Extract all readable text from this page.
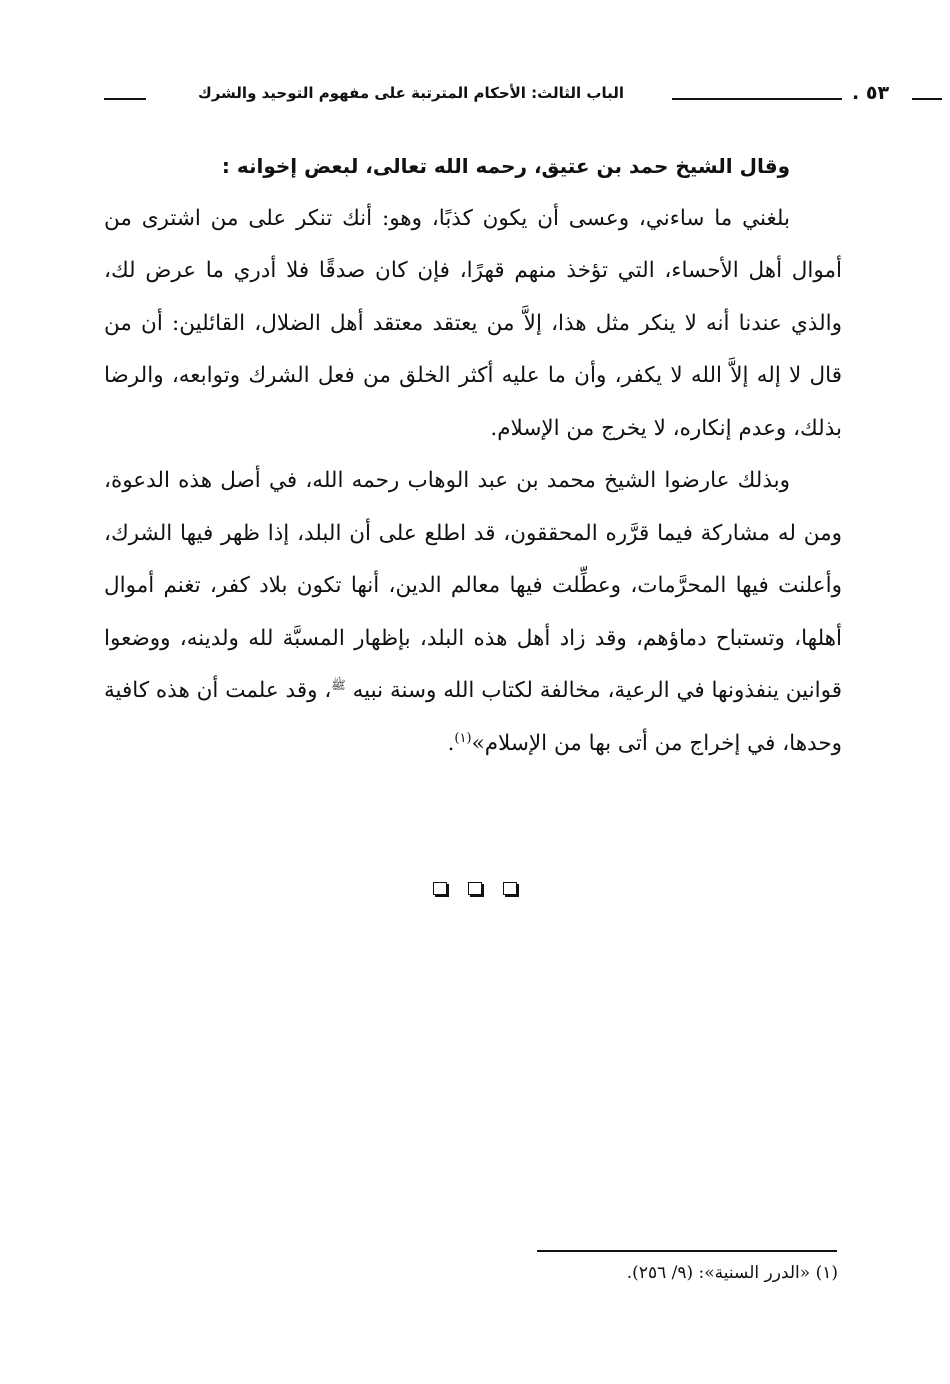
الباب الثالث: الأحكام المترتبة على مفهوم التوحيد والشرك	٥٣ .

وقال الشيخ حمد بن عتيق، رحمه الله تعالى، لبعض إخوانه :

بلغني ما ساءني، وعسى أن يكون كذبًا، وهو: أنك تنكر على من اشترى من أموال أهل الأحساء، التي تؤخذ منهم قهرًا، فإن كان صدقًا فلا أدري ما عرض لك، والذي عندنا أنه لا ينكر مثل هذا، إلاَّ من يعتقد معتقد أهل الضلال، القائلين: أن من قال لا إله إلاَّ الله لا يكفر، وأن ما عليه أكثر الخلق من فعل الشرك وتوابعه، والرضا بذلك، وعدم إنكاره، لا يخرج من الإسلام.

وبذلك عارضوا الشيخ محمد بن عبد الوهاب رحمه الله، في أصل هذه الدعوة، ومن له مشاركة فيما قرَّره المحققون، قد اطلع على أن البلد، إذا ظهر فيها الشرك، وأعلنت فيها المحرَّمات، وعطِّلت فيها معالم الدين، أنها تكون بلاد كفر، تغنم أموال أهلها، وتستباح دماؤهم، وقد زاد أهل هذه البلد، بإظهار المسبَّة لله ولدينه، ووضعوا قوانين ينفذونها في الرعية، مخالفة لكتاب الله وسنة نبيه $^ﷺ$، وقد علمت أن هذه كافية وحدها، في إخراج من أتى بها من الإسلام»$^{(١)}$.

(١) «الدرر السنية»: (٩/ ٢٥٦).
